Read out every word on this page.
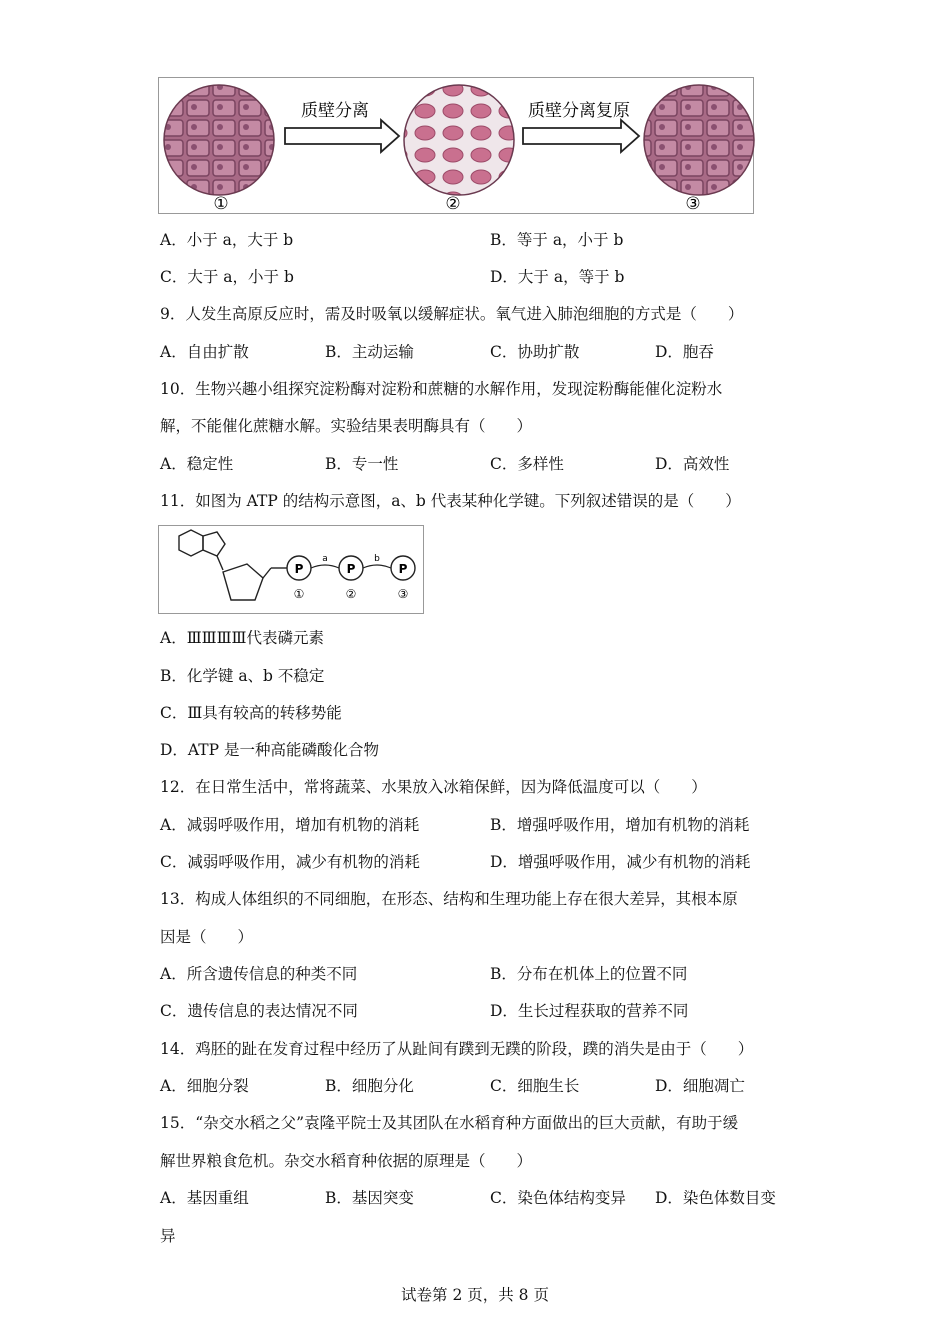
质壁分离	质壁分离复原
①	②	③
A．小于 a，大于 b	B．等于 a，小于 b
C．大于 a，小于 b	D．大于 a，等于 b
9．人发生高原反应时，需及时吸氧以缓解症状。氧气进入肺泡细胞的方式是（　　）
A．自由扩散	B．主动运输	C．协助扩散	D．胞吞
10．生物兴趣小组探究淀粉酶对淀粉和蔗糖的水解作用，发现淀粉酶能催化淀粉水
解，不能催化蔗糖水解。实验结果表明酶具有（　　）
A．稳定性	B．专一性	C．多样性	D．高效性
11．如图为 ATP 的结构示意图，a、b 代表某种化学键。下列叙述错误的是（　　）
P
①
a
P
②
b
P
③
A．ⅢⅢⅢⅢ代表磷元素
B．化学键 a、b 不稳定
C．Ⅲ具有较高的转移势能
D．ATP 是一种高能磷酸化合物
12．在日常生活中，常将蔬菜、水果放入冰箱保鲜，因为降低温度可以（　　）
A．减弱呼吸作用，增加有机物的消耗	B．增强呼吸作用，增加有机物的消耗
C．减弱呼吸作用，减少有机物的消耗	D．增强呼吸作用，减少有机物的消耗
13．构成人体组织的不同细胞，在形态、结构和生理功能上存在很大差异，其根本原
因是（　　）
A．所含遗传信息的种类不同	B．分布在机体上的位置不同
C．遗传信息的表达情况不同	D．生长过程获取的营养不同
14．鸡胚的趾在发育过程中经历了从趾间有蹼到无蹼的阶段，蹼的消失是由于（　　）
A．细胞分裂	B．细胞分化	C．细胞生长	D．细胞凋亡
15．“杂交水稻之父”袁隆平院士及其团队在水稻育种方面做出的巨大贡献，有助于缓
解世界粮食危机。杂交水稻育种依据的原理是（　　）
A．基因重组	B．基因突变	C．染色体结构变异 D．染色体数目变
异
试卷第 2 页，共 8 页
